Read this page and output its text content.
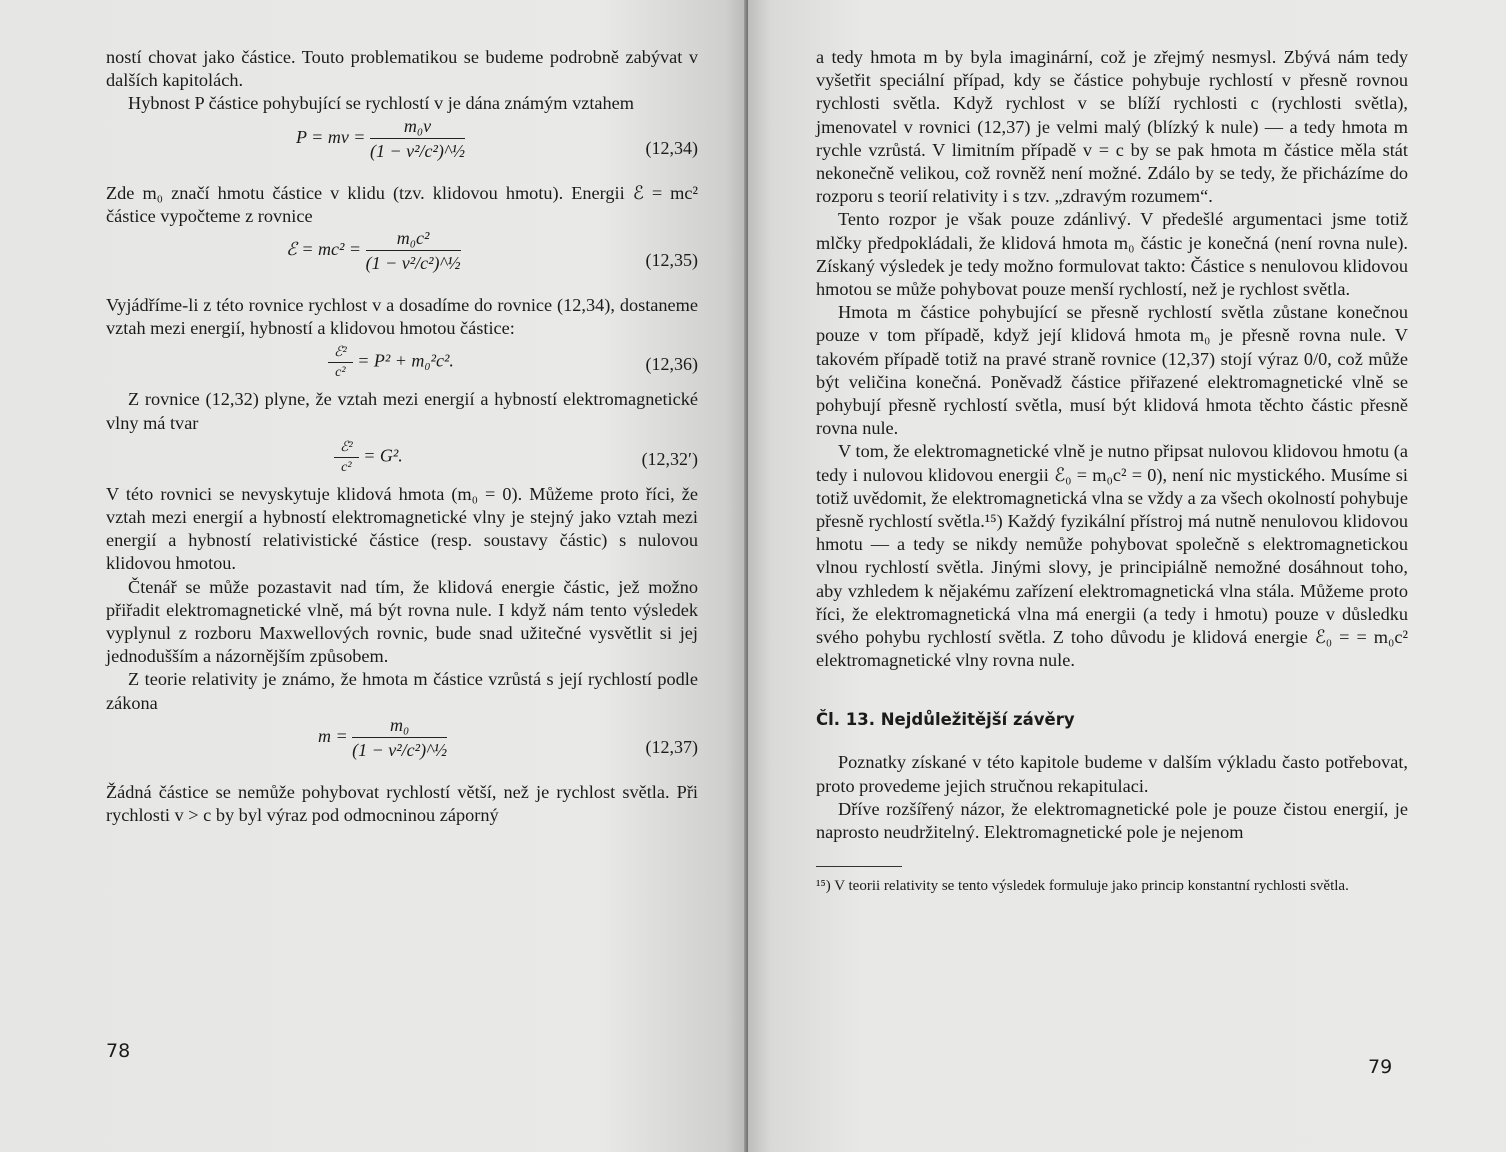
ností chovat jako částice. Touto problematikou se budeme podrobně zabývat v dalších kapitolách.

Hybnost P částice pohybující se rychlostí v je dána známým vztahem

P = mv = $\frac{\text{m₀v}}{\text{(1 − v²/c²)\textasciicircum{}½}}$	(12,34)

Zde m₀ značí hmotu částice v klidu (tzv. klidovou hmotu). Energii ℰ = mc² částice vypočteme z rovnice

ℰ = $mc^2 = \frac{\text{m₀c²}}{\text{(1 − v²/c²)\textasciicircum{}½}}$	(12,35)

Vyjádříme-li z této rovnice rychlost v a dosadíme do rovnice (12,34), dostaneme vztah mezi energií, hybností a klidovou hmotou částice:

$\frac{\text{ℰ²}}{\text{c²}} = P^2 + m_0^2c^2$.	(12,36)

Z rovnice (12,32) plyne, že vztah mezi energií a hybností elektromagnetické vlny má tvar

$\frac{\text{ℰ²}}{\text{c²}} = G^2$.	(12,32′)

V této rovnici se nevyskytuje klidová hmota (m₀ = 0). Můžeme proto říci, že vztah mezi energií a hybností elektromagnetické vlny je stejný jako vztah mezi energií a hybností relativistické částice (resp. soustavy částic) s nulovou klidovou hmotou.

Čtenář se může pozastavit nad tím, že klidová energie částic, jež možno přiřadit elektromagnetické vlně, má být rovna nule. I když nám tento výsledek vyplynul z rozboru Maxwellových rovnic, bude snad užitečné vysvětlit si jej jednodušším a názornějším způsobem.

Z teorie relativity je známo, že hmota m částice vzrůstá s její rychlostí podle zákona

$m = \frac{\text{m₀}}{\text{(1 − v²/c²)\textasciicircum{}½}}$	(12,37)

Žádná částice se nemůže pohybovat rychlostí větší, než je rychlost světla. Při rychlosti v > c by byl výraz pod odmocninou záporný

78

a tedy hmota m by byla imaginární, což je zřejmý nesmysl. Zbývá nám tedy vyšetřit speciální případ, kdy se částice pohybuje rychlostí v přesně rovnou rychlosti světla. Když rychlost v se blíží rychlosti c (rychlosti světla), jmenovatel v rovnici (12,37) je velmi malý (blízký k nule) — a tedy hmota m rychle vzrůstá. V limitním případě v = c by se pak hmota m částice měla stát nekonečně velikou, což rovněž není možné. Zdálo by se tedy, že přicházíme do rozporu s teorií relativity i s tzv. „zdravým rozumem“.

Tento rozpor je však pouze zdánlivý. V předešlé argumentaci jsme totiž mlčky předpokládali, že klidová hmota m₀ částic je konečná (není rovna nule). Získaný výsledek je tedy možno formulovat takto: Částice s nenulovou klidovou hmotou se může pohybovat pouze menší rychlostí, než je rychlost světla.

Hmota m částice pohybující se přesně rychlostí světla zůstane konečnou pouze v tom případě, když její klidová hmota m₀ je přesně rovna nule. V takovém případě totiž na pravé straně rovnice (12,37) stojí výraz 0/0, což může být veličina konečná. Poněvadž částice přiřazené elektromagnetické vlně se pohybují přesně rychlostí světla, musí být klidová hmota těchto částic přesně rovna nule.

V tom, že elektromagnetické vlně je nutno připsat nulovou klidovou hmotu (a tedy i nulovou klidovou energii ℰ₀ = m₀c² = 0), není nic mystického. Musíme si totiž uvědomit, že elektromagnetická vlna se vždy a za všech okolností pohybuje přesně rychlostí světla.¹⁵) Každý fyzikální přístroj má nutně nenulovou klidovou hmotu — a tedy se nikdy nemůže pohybovat společně s elektromagnetickou vlnou rychlostí světla. Jinými slovy, je principiálně nemožné dosáhnout toho, aby vzhledem k nějakému zařízení elektromagnetická vlna stála. Můžeme proto říci, že elektromagnetická vlna má energii (a tedy i hmotu) pouze v důsledku svého pohybu rychlostí světla. Z toho důvodu je klidová energie ℰ₀ = = m₀c² elektromagnetické vlny rovna nule.

Čl. 13. Nejdůležitější závěry

Poznatky získané v této kapitole budeme v dalším výkladu často potřebovat, proto provedeme jejich stručnou rekapitulaci.

Dříve rozšířený názor, že elektromagnetické pole je pouze čistou energií, je naprosto neudržitelný. Elektromagnetické pole je nejenom

¹⁵) V teorii relativity se tento výsledek formuluje jako princip konstantní rychlosti světla.

79
